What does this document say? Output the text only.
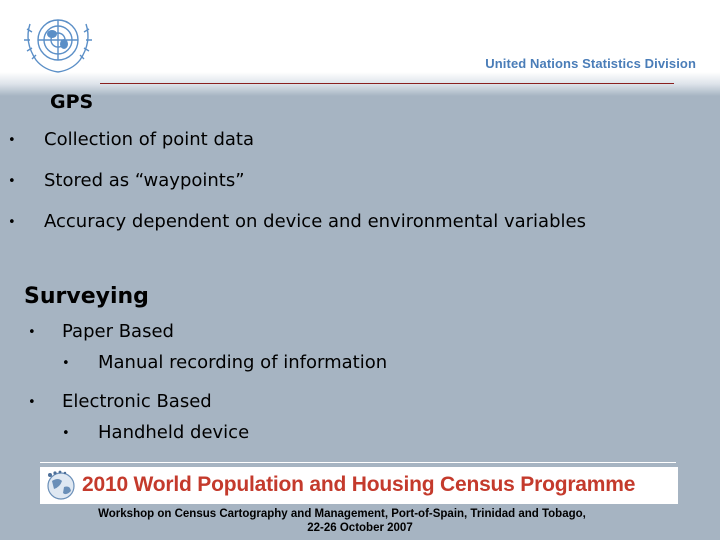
United Nations Statistics Division
GPS
• Collection of point data
• Stored as “waypoints”
• Accuracy dependent on device and environmental variables
Surveying
• Paper Based
• Manual recording of information
• Electronic Based
• Handheld device
2010 World Population and Housing Census Programme
Workshop on Census Cartography and Management, Port-of-Spain, Trinidad and Tobago,
22-26 October 2007
